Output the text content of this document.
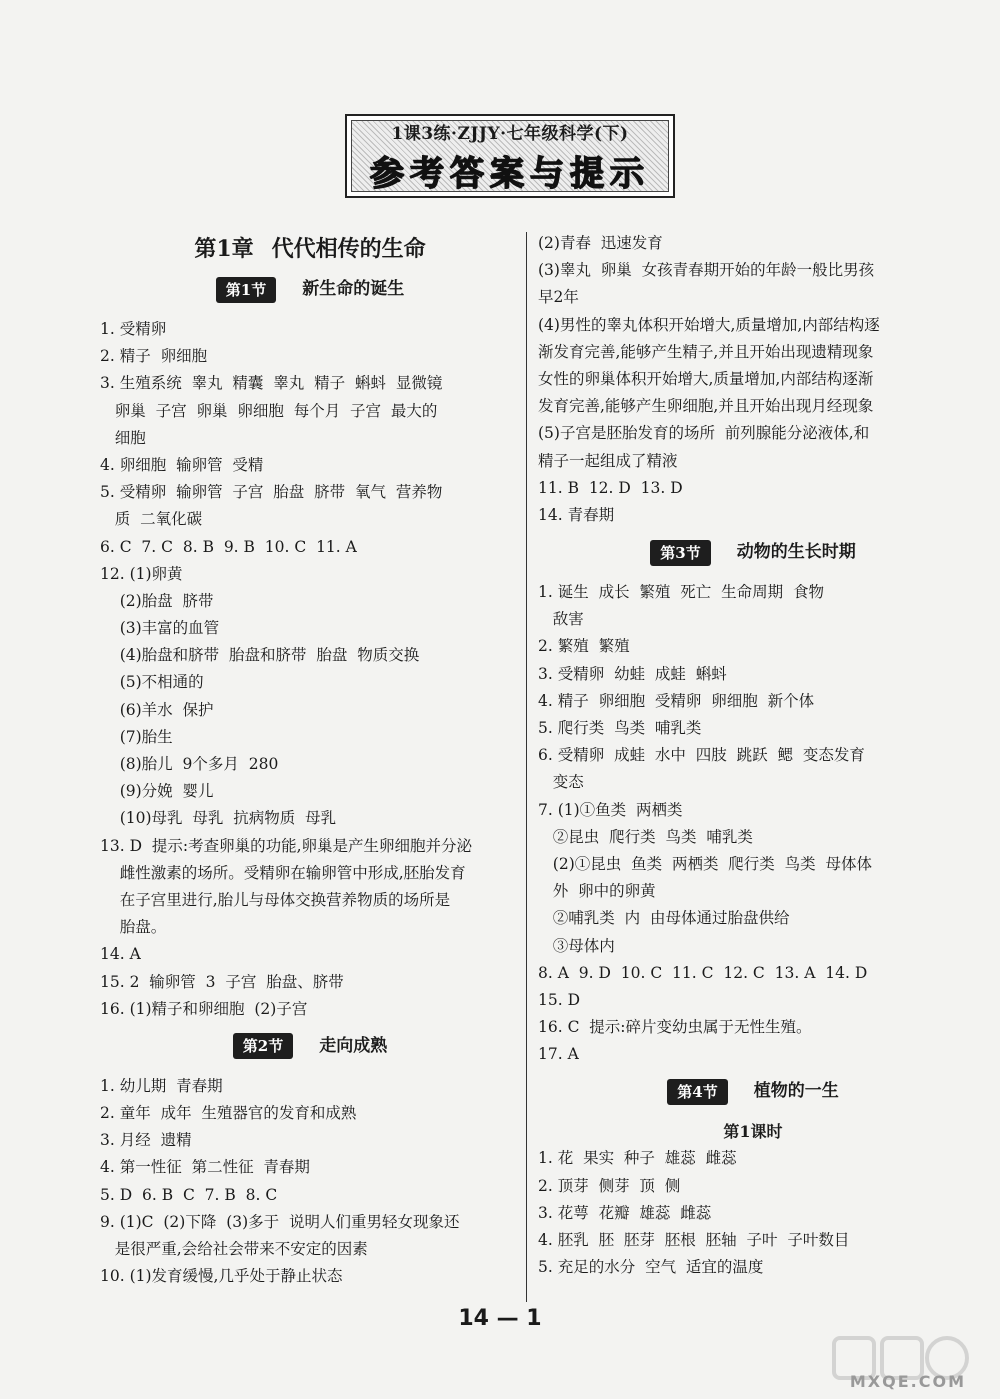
1课3练·ZJJY·七年级科学(下)
参考答案与提示
第1章 代代相传的生命
第1节 新生命的诞生
1. 受精卵
2. 精子  卵细胞
3. 生殖系统  睾丸  精囊  睾丸  精子  蝌蚪  显微镜
卵巢  子宫  卵巢  卵细胞  每个月  子宫  最大的
细胞
4. 卵细胞  输卵管  受精
5. 受精卵  输卵管  子宫  胎盘  脐带  氧气  营养物
质  二氧化碳
6. C  7. C  8. B  9. B  10. C  11. A
12. (1)卵黄
(2)胎盘  脐带
(3)丰富的血管
(4)胎盘和脐带  胎盘和脐带  胎盘  物质交换
(5)不相通的
(6)羊水  保护
(7)胎生
(8)胎儿  9个多月  280
(9)分娩  婴儿
(10)母乳  母乳  抗病物质  母乳
13. D  提示:考查卵巢的功能,卵巢是产生卵细胞并分泌
雌性激素的场所。受精卵在输卵管中形成,胚胎发育
在子宫里进行,胎儿与母体交换营养物质的场所是
胎盘。
14. A
15. 2  输卵管  3  子宫  胎盘、脐带
16. (1)精子和卵细胞  (2)子宫
第2节 走向成熟
1. 幼儿期  青春期
2. 童年  成年  生殖器官的发育和成熟
3. 月经  遗精
4. 第一性征  第二性征  青春期
5. D  6. B  C  7. B  8. C
9. (1)C  (2)下降  (3)多于  说明人们重男轻女现象还
是很严重,会给社会带来不安定的因素
10. (1)发育缓慢,几乎处于静止状态
(2)青春  迅速发育
(3)睾丸  卵巢  女孩青春期开始的年龄一般比男孩
早2年
(4)男性的睾丸体积开始增大,质量增加,内部结构逐
渐发育完善,能够产生精子,并且开始出现遗精现象
女性的卵巢体积开始增大,质量增加,内部结构逐渐
发育完善,能够产生卵细胞,并且开始出现月经现象
(5)子宫是胚胎发育的场所  前列腺能分泌液体,和
精子一起组成了精液
11. B  12. D  13. D
14. 青春期
第3节 动物的生长时期
1. 诞生  成长  繁殖  死亡  生命周期  食物
敌害
2. 繁殖  繁殖
3. 受精卵  幼蛙  成蛙  蝌蚪
4. 精子  卵细胞  受精卵  卵细胞  新个体
5. 爬行类  鸟类  哺乳类
6. 受精卵  成蛙  水中  四肢  跳跃  鳃  变态发育
变态
7. (1)①鱼类  两栖类
②昆虫  爬行类  鸟类  哺乳类
(2)①昆虫  鱼类  两栖类  爬行类  鸟类  母体体
外  卵中的卵黄
②哺乳类  内  由母体通过胎盘供给
③母体内
8. A  9. D  10. C  11. C  12. C  13. A  14. D
15. D
16. C  提示:碎片变幼虫属于无性生殖。
17. A
第4节 植物的一生
第1课时
1. 花  果实  种子  雄蕊  雌蕊
2. 顶芽  侧芽  顶  侧
3. 花萼  花瓣  雄蕊  雌蕊
4. 胚乳  胚  胚芽  胚根  胚轴  子叶  子叶数目
5. 充足的水分  空气  适宜的温度
14 — 1
MXQE.COM
